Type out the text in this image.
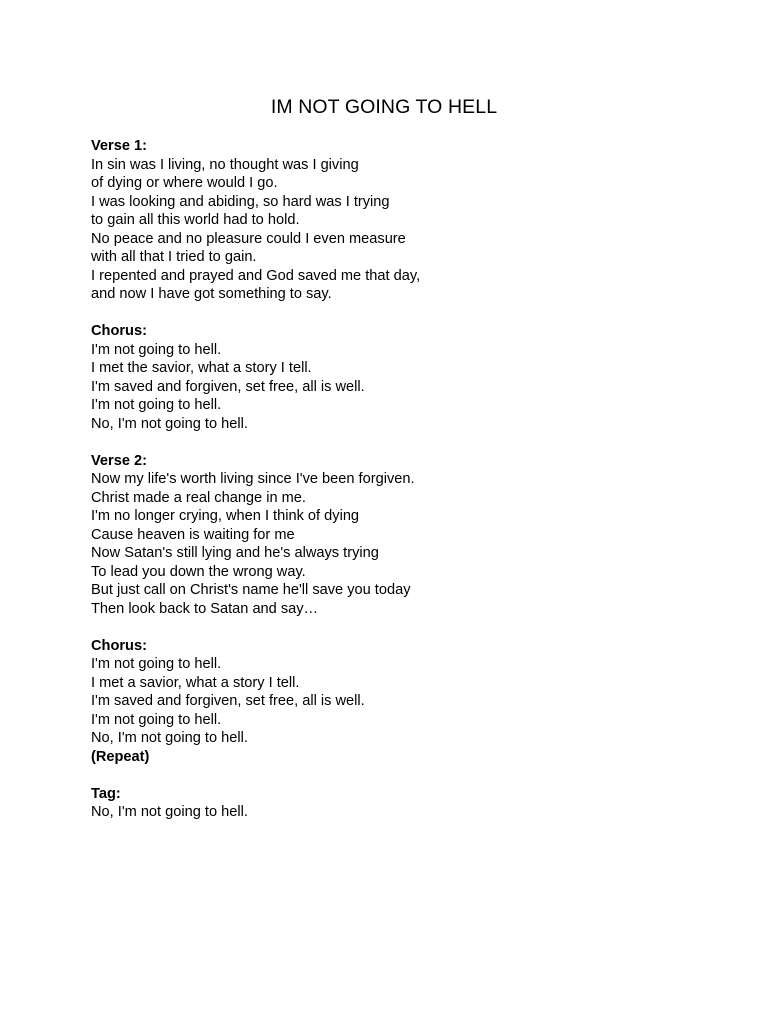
IM NOT GOING TO HELL
Verse 1:
In sin was I living, no thought was I giving
of dying or where would I go.
I was looking and abiding, so hard was I trying
to gain all this world had to hold.
No peace and no pleasure could I even measure
with all that I tried to gain.
I repented and prayed and God saved me that day,
and now I have got something to say.
Chorus:
I'm not going to hell.
I met the savior, what a story I tell.
I'm saved and forgiven, set free, all is well.
I'm not going to hell.
No, I'm not going to hell.
Verse 2:
Now my life's worth living since I've been forgiven.
Christ made a real change in me.
I'm no longer crying, when I think of dying
Cause heaven is waiting for me
Now Satan's still lying and he's always trying
To lead you down the wrong way.
But just call on Christ's name he'll save you today
Then look back to Satan and say…
Chorus:
I'm not going to hell.
I met a savior, what a story I tell.
I'm saved and forgiven, set free, all is well.
I'm not going to hell.
No, I'm not going to hell.
(Repeat)
Tag:
No, I'm not going to hell.
